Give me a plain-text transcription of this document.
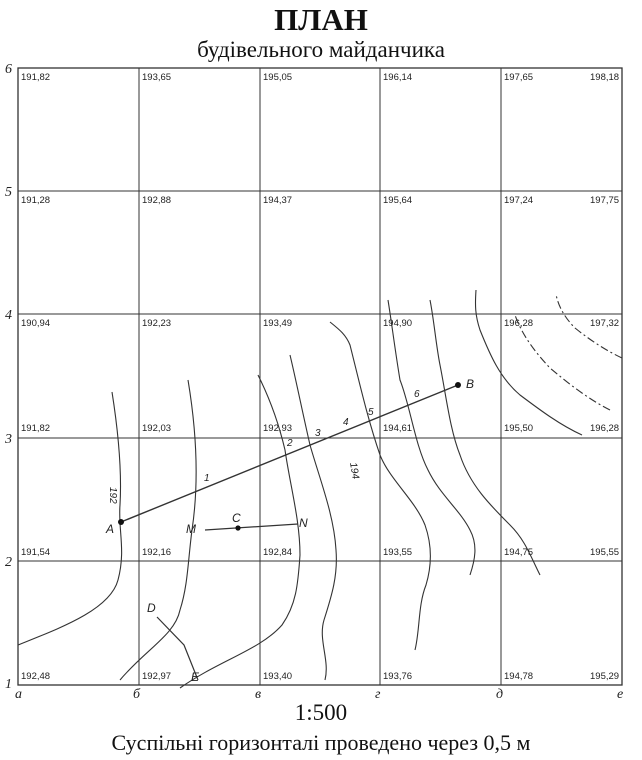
ПЛАН
будівельного майданчика
A
B
C
M	N
D
E
1
2
3
4
5
6
192
194
а	б	в	г	д	е
6
5
4
3
2
1
191,82	193,65	195,05	196,14	197,65	198,18
191,28	192,88	194,37	195,64	197,24	197,75
190,94	192,23	193,49	194,90	196,28	197,32
191,82	192,03	192,93	194,61	195,50	196,28
191,54	192,16	192,84	193,55	194,75	195,55
192,48	192,97	193,40	193,76	194,78	195,29
1:500
Суспільні горизонталі проведено через 0,5 м
